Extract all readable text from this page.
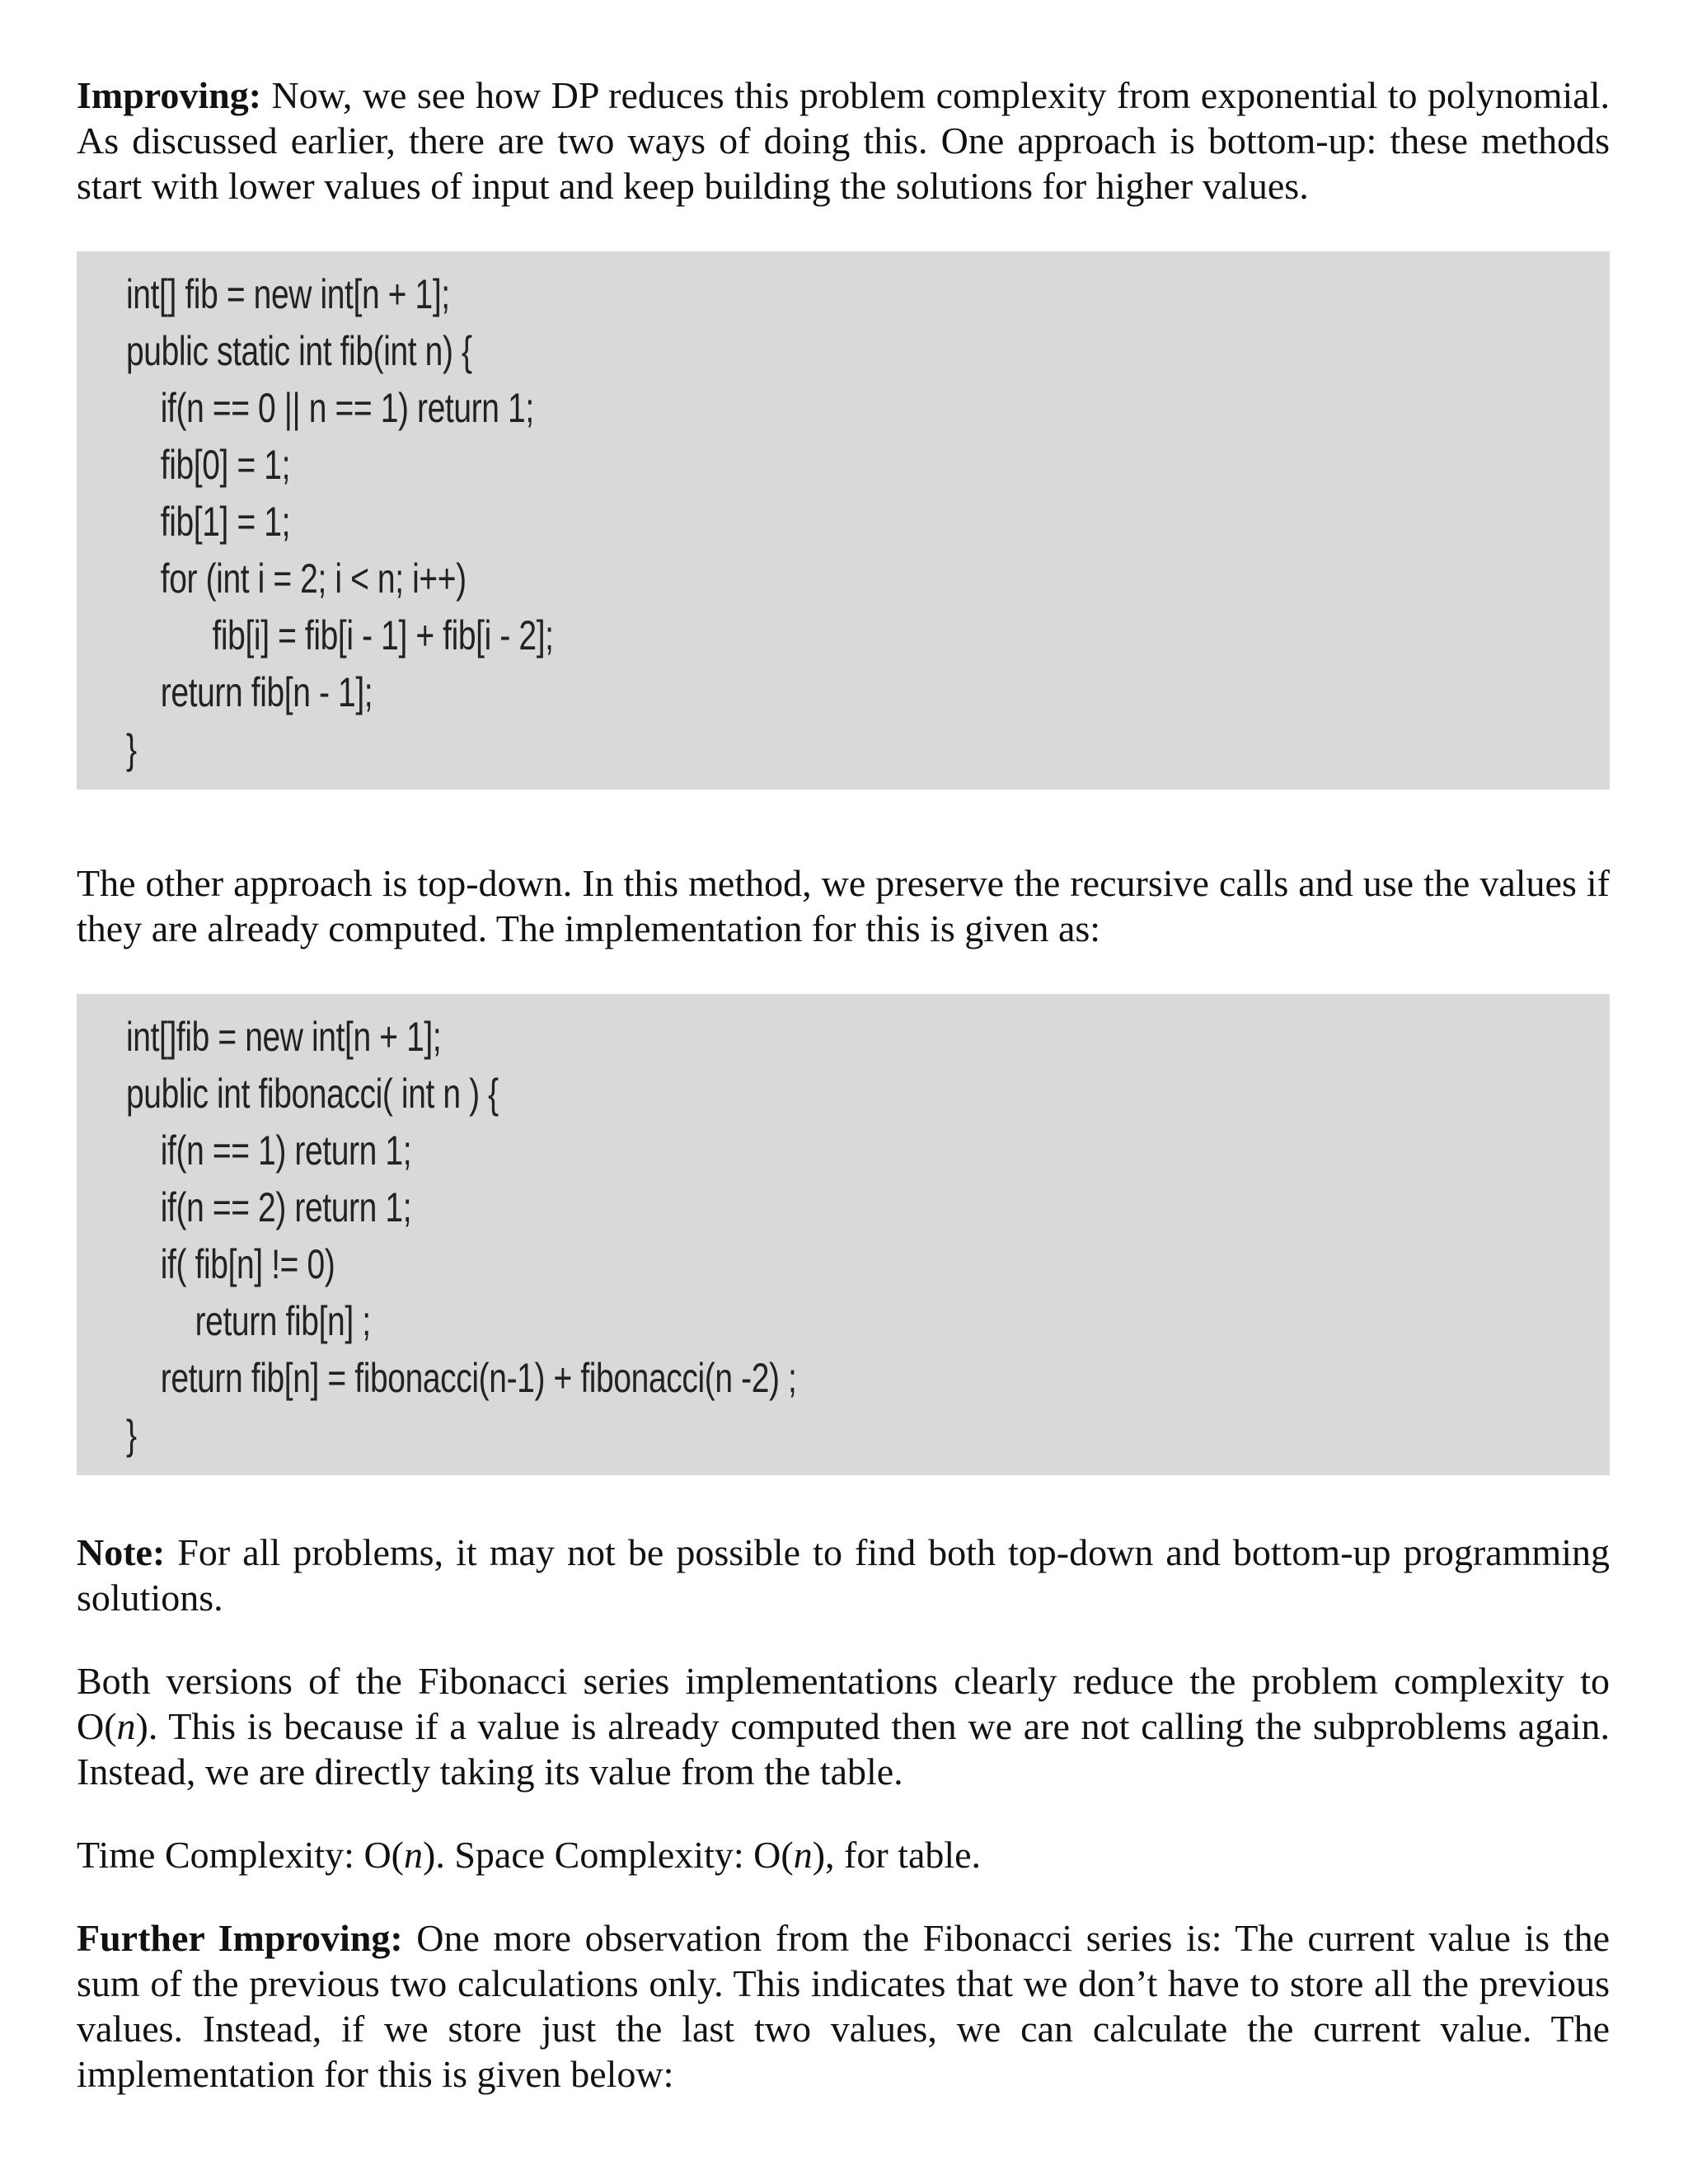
Improving: Now, we see how DP reduces this problem complexity from exponential to polynomial. As discussed earlier, there are two ways of doing this. One approach is bottom-up: these methods start with lower values of input and keep building the solutions for higher values.

int[] fib = new int[n + 1];
public static int fib(int n) {
if(n == 0 || n == 1) return 1;
fib[0] = 1;
fib[1] = 1;
for (int i = 2; i < n; i++)
fib[i] = fib[i - 1] + fib[i - 2];
return fib[n - 1];
}

The other approach is top-down. In this method, we preserve the recursive calls and use the values if they are already computed. The implementation for this is given as:

int[]fib = new int[n + 1];
public int fibonacci( int n ) {
if(n == 1) return 1;
if(n == 2) return 1;
if( fib[n] != 0)
return fib[n] ;
return fib[n] = fibonacci(n-1) + fibonacci(n -2) ;
}

Note: For all problems, it may not be possible to find both top-down and bottom-up programming solutions.

Both versions of the Fibonacci series implementations clearly reduce the problem complexity to O(n). This is because if a value is already computed then we are not calling the subproblems again. Instead, we are directly taking its value from the table.

Time Complexity: O(n). Space Complexity: O(n), for table.

Further Improving: One more observation from the Fibonacci series is: The current value is the sum of the previous two calculations only. This indicates that we don’t have to store all the previous values. Instead, if we store just the last two values, we can calculate the current value. The implementation for this is given below:
